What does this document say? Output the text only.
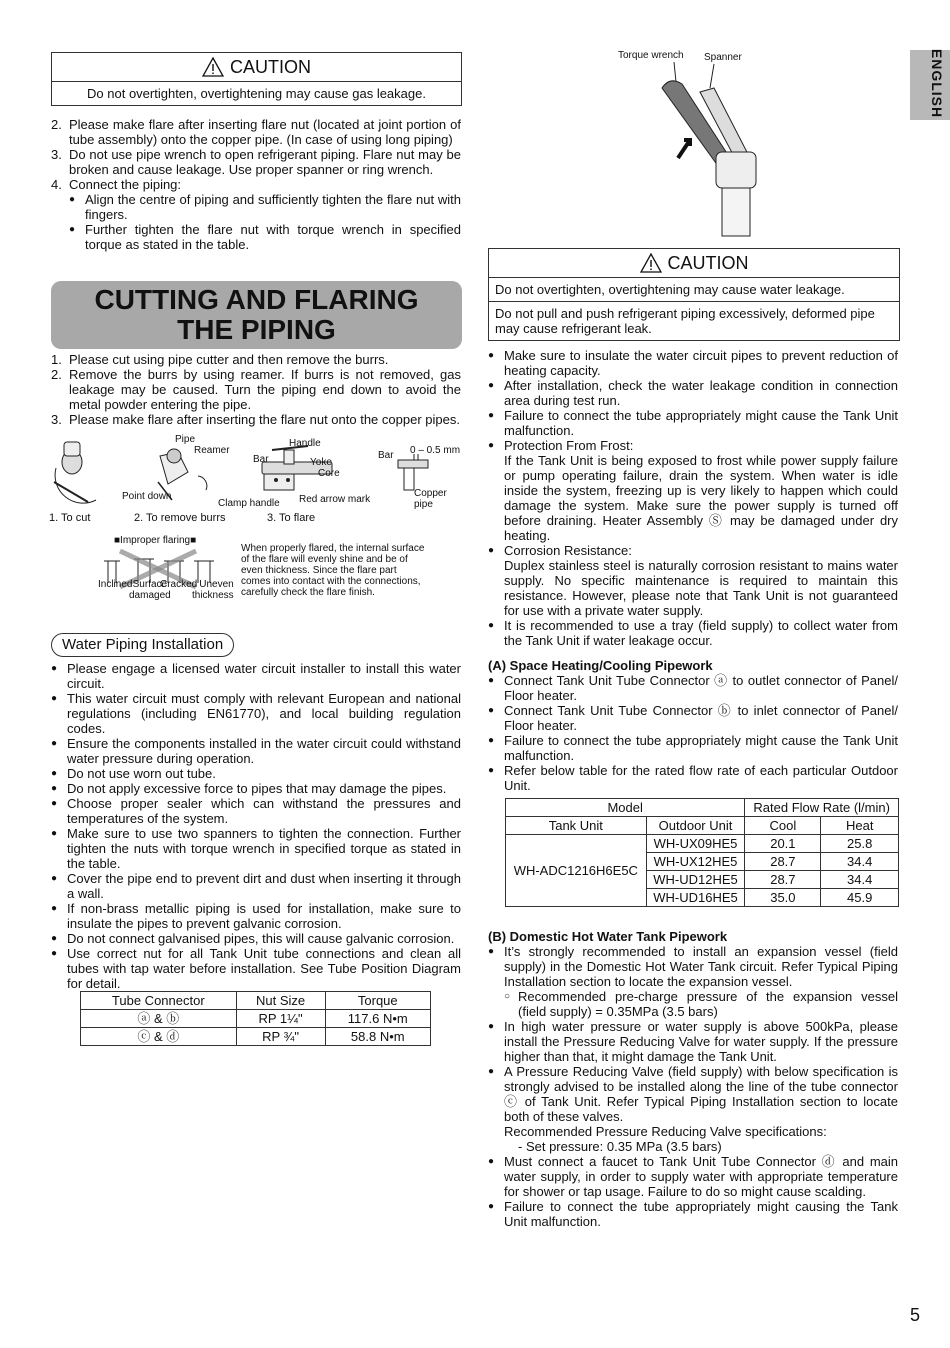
ENGLISH
CAUTION
Do not overtighten, overtightening may cause gas leakage.
2. Please make flare after inserting flare nut (located at joint portion of tube assembly) onto the copper pipe. (In case of using long piping)
3. Do not use pipe wrench to open refrigerant piping. Flare nut may be broken and cause leakage. Use proper spanner or ring wrench.
4. Connect the piping:
● Align the centre of piping and sufficiently tighten the flare nut with fingers.
● Further tighten the flare nut with torque wrench in specified torque as stated in the table.
CUTTING AND FLARING
THE PIPING
1. Please cut using pipe cutter and then remove the burrs.
2. Remove the burrs by using reamer. If burrs is not removed, gas leakage may be caused. Turn the piping end down to avoid the metal powder entering the pipe.
3. Please make flare after inserting the flare nut onto the copper pipes.
Pipe
Reamer
Point down
Handle
Bar	Yoke
Core
Clamp handle Red arrow mark
Bar 0 – 0.5 mm
Copper
pipe
1. To cut	2. To remove burrs	3. To flare
■Improper flaring■
Inclined Surface
damaged
Cracked Uneven
thickness
When properly flared, the internal surface of the flare will evenly shine and be of even thickness. Since the flare part comes into contact with the connections, carefully check the flare finish.
Water Piping Installation
● Please engage a licensed water circuit installer to install this water circuit.
● This water circuit must comply with relevant European and national regulations (including EN61770), and local building regulation codes.
● Ensure the components installed in the water circuit could withstand water pressure during operation.
● Do not use worn out tube.
● Do not apply excessive force to pipes that may damage the pipes.
● Choose proper sealer which can withstand the pressures and temperatures of the system.
● Make sure to use two spanners to tighten the connection. Further tighten the nuts with torque wrench in specified torque as stated in the table.
● Cover the pipe end to prevent dirt and dust when inserting it through a wall.
● If non-brass metallic piping is used for installation, make sure to insulate the pipes to prevent galvanic corrosion.
● Do not connect galvanised pipes, this will cause galvanic corrosion.
● Use correct nut for all Tank Unit tube connections and clean all tubes with tap water before installation. See Tube Position Diagram for detail.
Tube Connector	Nut Size	Torque
ⓐ & ⓑ	RP 1¼"	117.6 N•m
ⓒ & ⓓ	RP ¾"	58.8 N•m
Torque wrench Spanner
CAUTION
Do not overtighten, overtightening may cause water leakage.
Do not pull and push refrigerant piping excessively, deformed pipe may cause refrigerant leak.
● Make sure to insulate the water circuit pipes to prevent reduction of heating capacity.
● After installation, check the water leakage condition in connection area during test run.
● Failure to connect the tube appropriately might cause the Tank Unit malfunction.
● Protection From Frost:
If the Tank Unit is being exposed to frost while power supply failure or pump operating failure, drain the system. When water is idle inside the system, freezing up is very likely to happen which could damage the system. Make sure the power supply is turned off before draining. Heater Assembly Ⓢ may be damaged under dry heating.
● Corrosion Resistance:
Duplex stainless steel is naturally corrosion resistant to mains water supply. No specific maintenance is required to maintain this resistance. However, please note that Tank Unit is not guaranteed for use with a private water supply.
● It is recommended to use a tray (field supply) to collect water from the Tank Unit if water leakage occur.
(A) Space Heating/Cooling Pipework
● Connect Tank Unit Tube Connector ⓐ to outlet connector of Panel/ Floor heater.
● Connect Tank Unit Tube Connector ⓑ to inlet connector of Panel/ Floor heater.
● Failure to connect the tube appropriately might cause the Tank Unit malfunction.
● Refer below table for the rated flow rate of each particular Outdoor Unit.
Model		Rated Flow Rate (l/min)	
Tank Unit	Outdoor Unit	Cool	Heat
WH-ADC1216H6E5C	WH-UX09HE5	20.1	25.8
	WH-UX12HE5	28.7	34.4
	WH-UD12HE5	28.7	34.4
	WH-UD16HE5	35.0	45.9
(B) Domestic Hot Water Tank Pipework
● It’s strongly recommended to install an expansion vessel (field supply) in the Domestic Hot Water Tank circuit. Refer Typical Piping Installation section to locate the expansion vessel.
○ Recommended pre-charge pressure of the expansion vessel (field supply) = 0.35MPa (3.5 bars)
● In high water pressure or water supply is above 500kPa, please install the Pressure Reducing Valve for water supply. If the pressure higher than that, it might damage the Tank Unit.
● A Pressure Reducing Valve (field supply) with below specification is strongly advised to be installed along the line of the tube connector ⓒ of Tank Unit. Refer Typical Piping Installation section to locate both of these valves.
Recommended Pressure Reducing Valve specifications:
- Set pressure: 0.35 MPa (3.5 bars)
● Must connect a faucet to Tank Unit Tube Connector ⓓ and main water supply, in order to supply water with appropriate temperature for shower or tap usage. Failure to do so might cause scalding.
● Failure to connect the tube appropriately might causing the Tank Unit malfunction.
5
